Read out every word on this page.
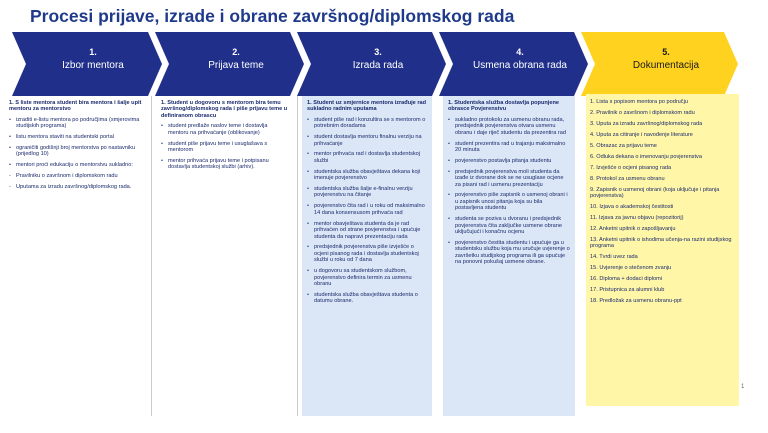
Procesi prijave, izrade i obrane završnog/diplomskog rada
1.
Izbor mentora
2.
Prijava teme
3.
Izrada rada
4.
Usmena obrana rada
5.
Dokumentacija
1. S liste mentora student bira mentora i šalje upit mentoru za mentorstvo
• izraditi e-listu mentora po područjima (smjerovima studijskih programa)
• listu mentora staviti na studentski portal
• ograničiti godišnji broj mentorstva po nastavniku (prijedlog 10)
• mentori proći edukaciju o mentorstvu sukladno:
- Pravilniku o završnom i diplomskom radu
- Uputama za izradu završnog/diplomskog rada.
1. Student u dogovoru s mentorom bira temu završnog/diplomskog rada i piše prijavu teme u definiranom obrascu
• student predlaže naslov teme i dostavlja mentoru na prihvaćanje (oblikovanje)
• student piše prijavu teme i usuglašava s mentorom
• mentor prihvaća prijavu teme i potpisanu dostavlja studentskoj službi (arhiv).
1. Student uz smjernice mentora izrađuje rad sukladno radnim uputama
• student piše rad i konzultira se s mentorom o potrebnim doradama
• student dostavlja mentoru finalnu verziju na prihvaćanje
• mentor prihvaća rad i dostavlja studentskoj službi
• studentska služba obavještava dekana koji imenuje povjerenstvo
• studentska služba šalje e-finalnu verziju povjerenstvu na čitanje
• povjerenstvo čita rad i u roku od maksimalno 14 dana konsensusom prihvaća rad
• mentor obavještava studenta da je rad prihvaćen od strane povjerenstva i upućuje studenta da napravi prezentaciju rada
• predsjednik povjerenstva piše izvješće o ocjeni pisanog rada i dostavlja studentskoj službi u roku od 7 dana
• u dogovoru sa studentskom službom, povjerenstvo definira termin za usmenu obranu
• studentska služba obavještava studenta o datumu obrane.
1. Studentska služba dostavlja popunjene obrasce Povjerenstvu
• sukladno protokolu za usmenu obranu rada, predsjednik povjerenstva otvara usmenu obranu i daje riječ studentu da prezentira rad
• student prezentira rad u trajanju maksimalno 20 minuta
• povjerenstvo postavlja pitanja studentu
• predsjednik povjerenstva moli studenta da izađe iz dvorane dok se ne usuglase ocjene za pisani rad i usmenu prezentaciju
• povjerenstvo piše zapisnik o usmenoj obrani i u zapisnik unosi pitanja koja su bila postavljena studentu
• studenta se poziva u dvoranu i predsjednik povjerenstva čita zaključke usmene obrane uključujući i konačnu ocjenu
• povjerenstvo čestita studentu i upućuje ga u studentsku službu koja mu uručuje uvjerenje o završetku studijskog programa ili ga upućuje na ponovni pokušaj usmene obrane.
1. Lista s popisom mentora po području
2. Pravilnik o završnom i diplomskom radu
3. Uputa za izradu završnog/diplomskog rada
4. Uputa za citiranje i navođenje literature
5. Obrazac za prijavu teme
6. Odluka dekana o imenovanju povjerenstva
7. Izvješće o ocjeni pisanog rada
8. Protokol za usmenu obranu
9. Zapisnik o usmenoj obrani (koja uključuje i pitanja povjerenstva)
10. Izjava o akademskoj čestitosti
11. Izjava za javnu objavu (repozitorij)
12. Anketni upitnik o zapošljavanju
13. Anketni upitnik o ishodima učenja-na razini studijskog programa
14. Tvrdi uvez rada
15. Uvjerenje o stečenom zvanju
16. Diploma + dodaci diplomi
17. Pristupnica za alumni klub
18. Predložak za usmenu obranu-ppt
1
